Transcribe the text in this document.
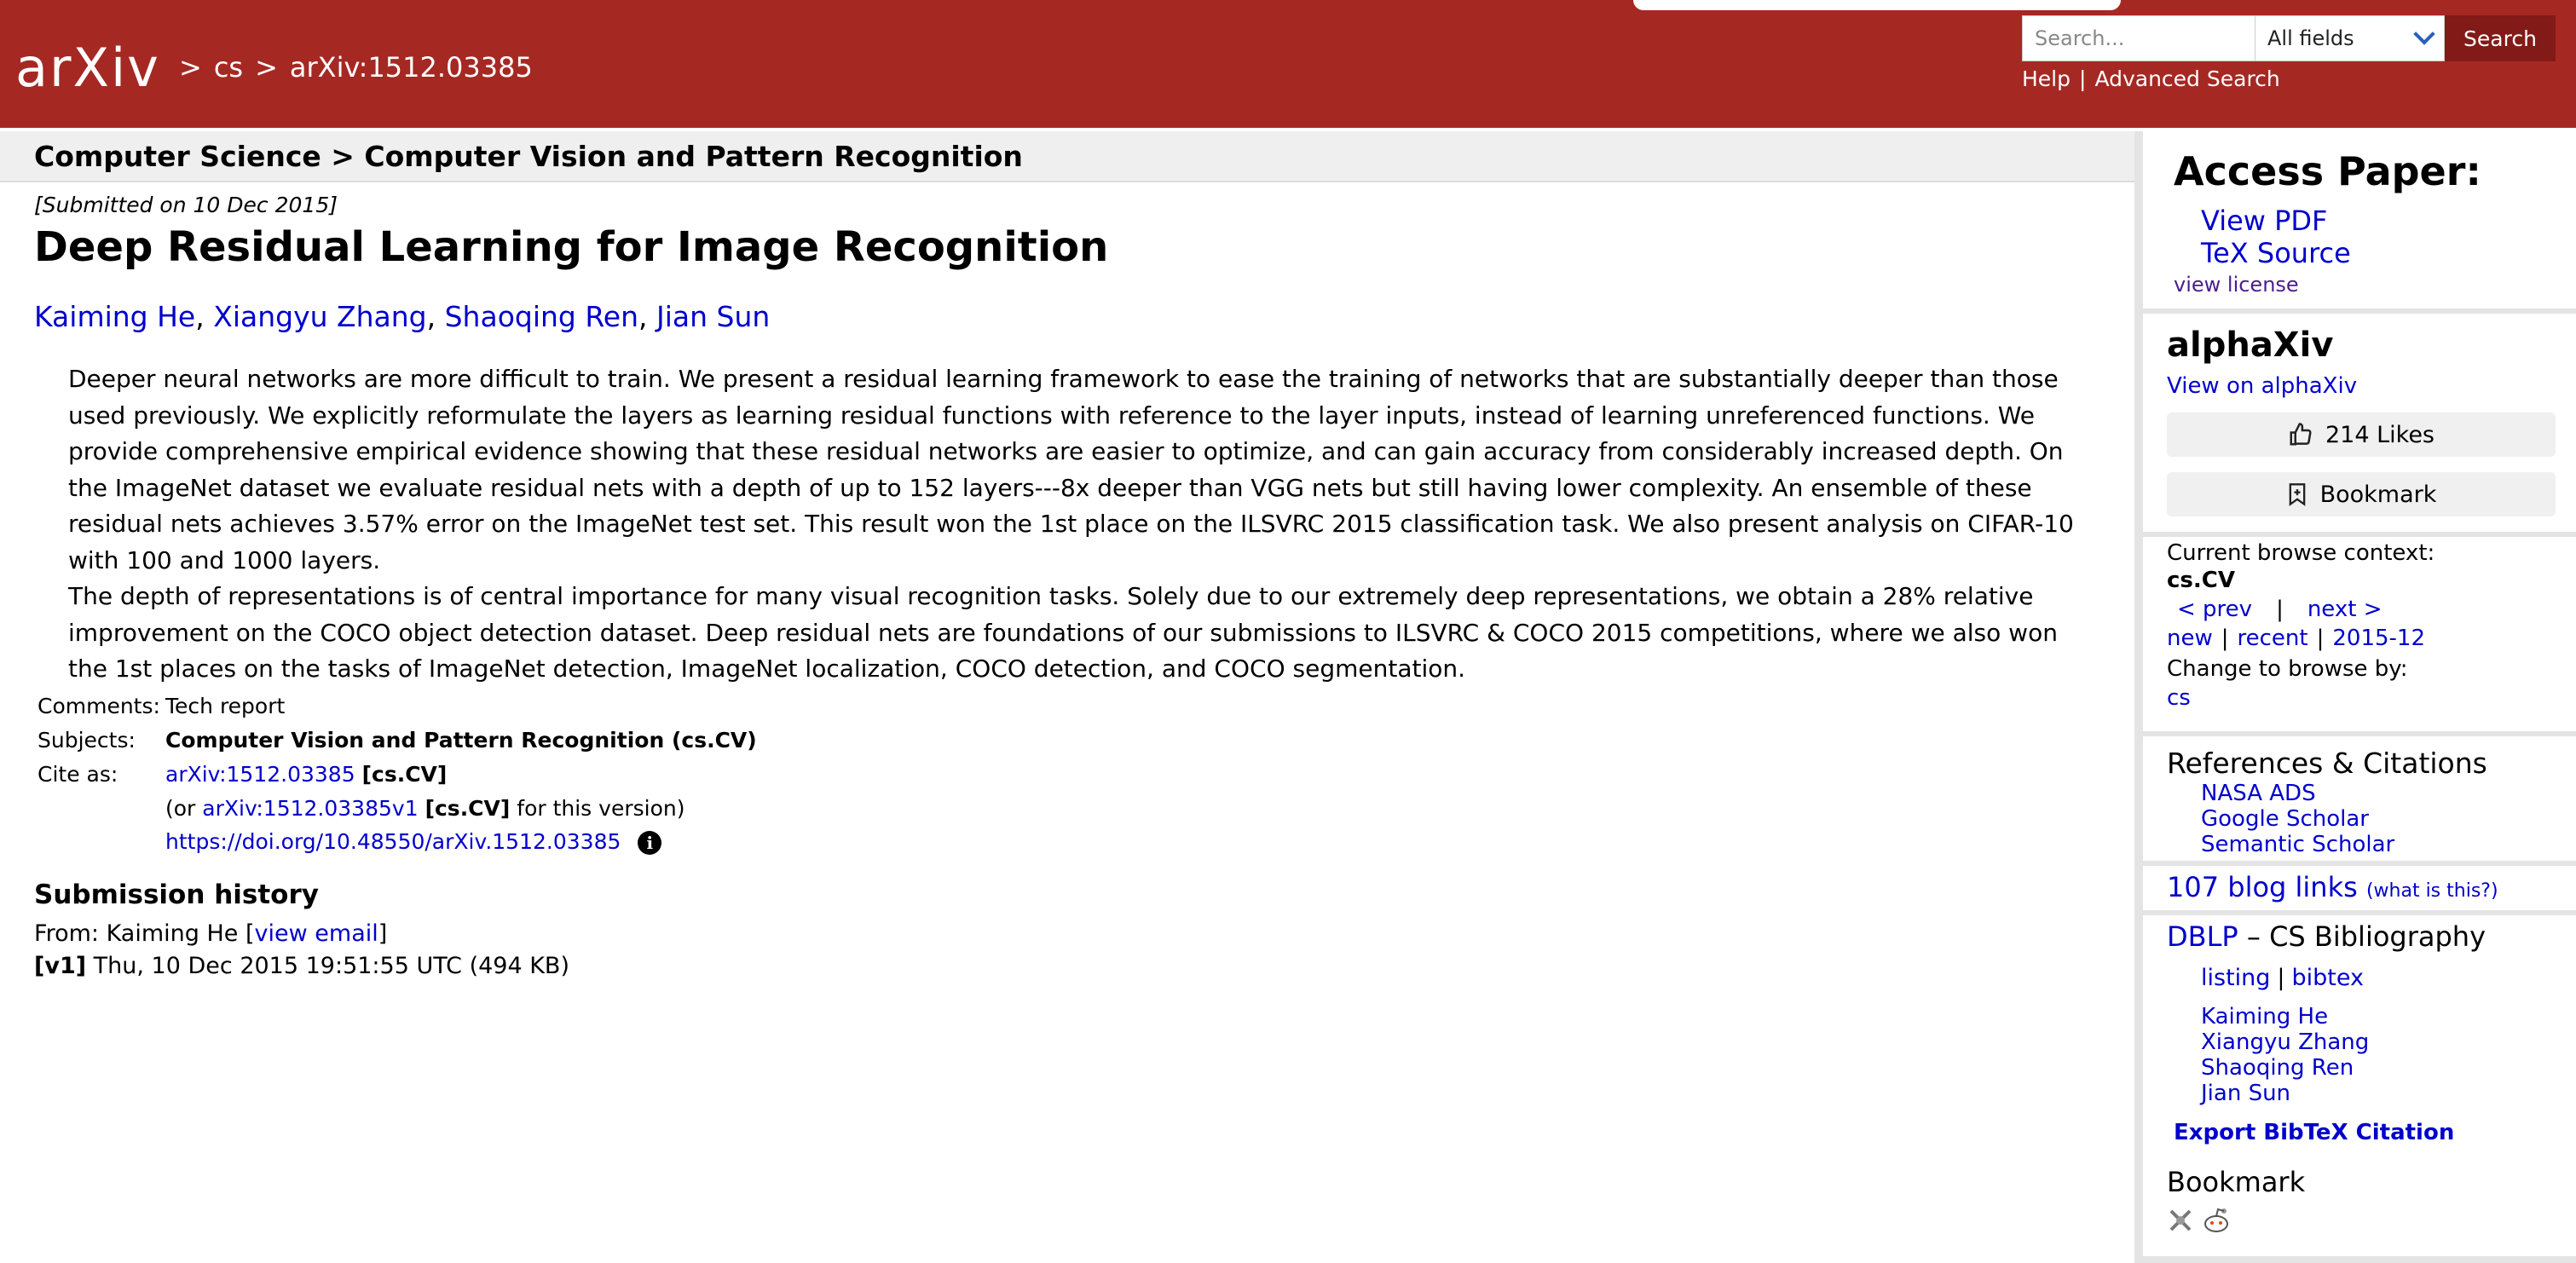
arXiv > cs > arXiv:1512.03385
Search...
All fields	Search
Help | Advanced Search
Computer Science > Computer Vision and Pattern Recognition
[Submitted on 10 Dec 2015]
Deep Residual Learning for Image Recognition
Kaiming He, Xiangyu Zhang, Shaoqing Ren, Jian Sun

Deeper neural networks are more difficult to train. We present a residual learning framework to ease the training of networks that are substantially deeper than those used previously. We explicitly reformulate the layers as learning residual functions with reference to the layer inputs, instead of learning unreferenced functions. We provide comprehensive empirical evidence showing that these residual networks are easier to optimize, and can gain accuracy from considerably increased depth. On the ImageNet dataset we evaluate residual nets with a depth of up to 152 layers---8x deeper than VGG nets but still having lower complexity. An ensemble of these residual nets achieves 3.57% error on the ImageNet test set. This result won the 1st place on the ILSVRC 2015 classification task. We also present analysis on CIFAR-10 with 100 and 1000 layers.

The depth of representations is of central importance for many visual recognition tasks. Solely due to our extremely deep representations, we obtain a 28% relative improvement on the COCO object detection dataset. Deep residual nets are foundations of our submissions to ILSVRC & COCO 2015 competitions, where we also won the 1st places on the tasks of ImageNet detection, ImageNet localization, COCO detection, and COCO segmentation.

Comments: Tech report
Subjects:	Computer Vision and Pattern Recognition (cs.CV)
Cite as:	arXiv:1512.03385 [cs.CV]
(or arXiv:1512.03385v1 [cs.CV] for this version)
https://doi.org/10.48550/arXiv.1512.03385 i
Submission history
From: Kaiming He [view email]
[v1] Thu, 10 Dec 2015 19:51:55 UTC (494 KB)
Access Paper:
View PDF
TeX Source
view license
alphaXiv
View on alphaXiv
214 Likes
Bookmark
Current browse context:
cs.CV
< prev | next >
new | recent | 2015-12
Change to browse by:
cs
References & Citations
NASA ADS
Google Scholar
Semantic Scholar
107 blog links (what is this?)
DBLP – CS Bibliography
listing | bibtex
Kaiming He
Xiangyu Zhang
Shaoqing Ren
Jian Sun
Export BibTeX Citation
Bookmark
